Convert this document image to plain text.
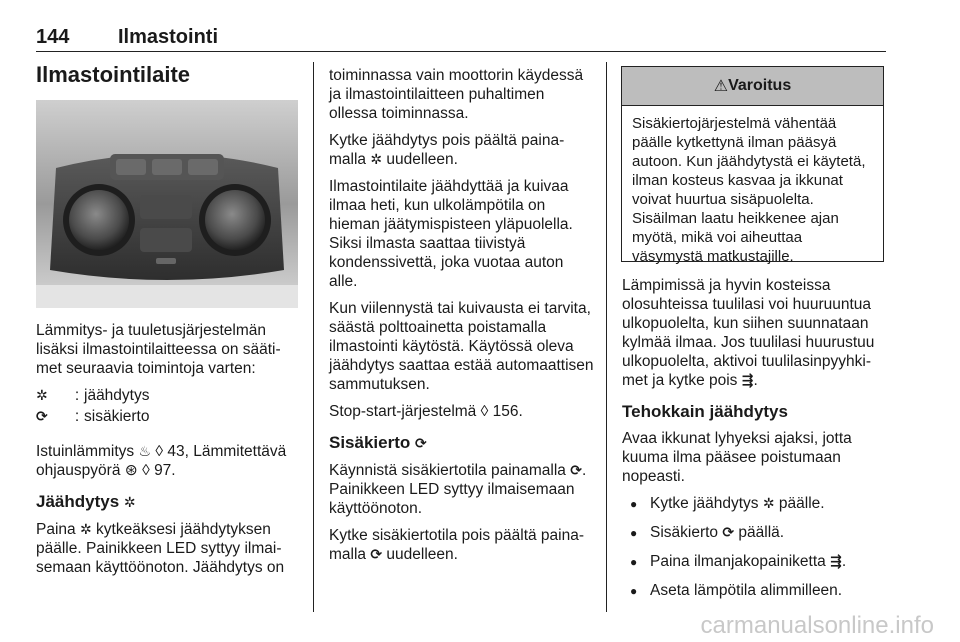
144 Ilmastointi
Ilmastointilaite

Lämmitys- ja tuuletusjärjestelmän lisäksi ilmastointilaitteessa on säätimet seuraavia toimintoja varten:

✲	:	jäähdytys
⟳	:	sisäkierto

Istuinlämmitys ♨ ◊ 43, Lämmitettävä ohjauspyörä ⊛ ◊ 97.

Jäähdytys ✲

Paina ✲ kytkeäksesi jäähdytyksen päälle. Painikkeen LED syttyy ilmaisemaan käyttöönoton. Jäähdytys on

toiminnassa vain moottorin käydessä ja ilmastointilaitteen puhaltimen ollessa toiminnassa.

Kytke jäähdytys pois päältä painamalla ✲ uudelleen.

Ilmastointilaite jäähdyttää ja kuivaa ilmaa heti, kun ulkolämpötila on hieman jäätymispisteen yläpuolella. Siksi ilmasta saattaa tiivistyä kondenssivettä, joka vuotaa auton alle.

Kun viilennystä tai kuivausta ei tarvita, säästä polttoainetta poistamalla ilmastointi käytöstä. Käytössä oleva jäähdytys saattaa estää automaattisen sammutuksen.

Stop-start-järjestelmä ◊ 156.

Sisäkierto ⟳

Käynnistä sisäkiertotila painamalla ⟳. Painikkeen LED syttyy ilmaisemaan käyttöönoton.

Kytke sisäkiertotila pois päältä painamalla ⟳ uudelleen.

⚠ Varoitus
Sisäkiertojärjestelmä vähentää päälle kytkettynä ilman pääsyä autoon. Kun jäähdytystä ei käytetä, ilman kosteus kasvaa ja ikkunat voivat huurtua sisäpuolelta. Sisäilman laatu heikkenee ajan myötä, mikä voi aiheuttaa väsymystä matkustajille.

Lämpimissä ja hyvin kosteissa olosuhteissa tuulilasi voi huuruuntua ulkopuolelta, kun siihen suunnataan kylmää ilmaa. Jos tuulilasi huurustuu ulkopuolelta, aktivoi tuulilasinpyyhkimet ja kytke pois ⇶.

Tehokkain jäähdytys

Avaa ikkunat lyhyeksi ajaksi, jotta kuuma ilma pääsee poistumaan nopeasti.

● Kytke jäähdytys ✲ päälle.
● Sisäkierto ⟳ päällä.
● Paina ilmanjakopainiketta ⇶.
● Aseta lämpötila alimmilleen.
carmanualsonline.info
